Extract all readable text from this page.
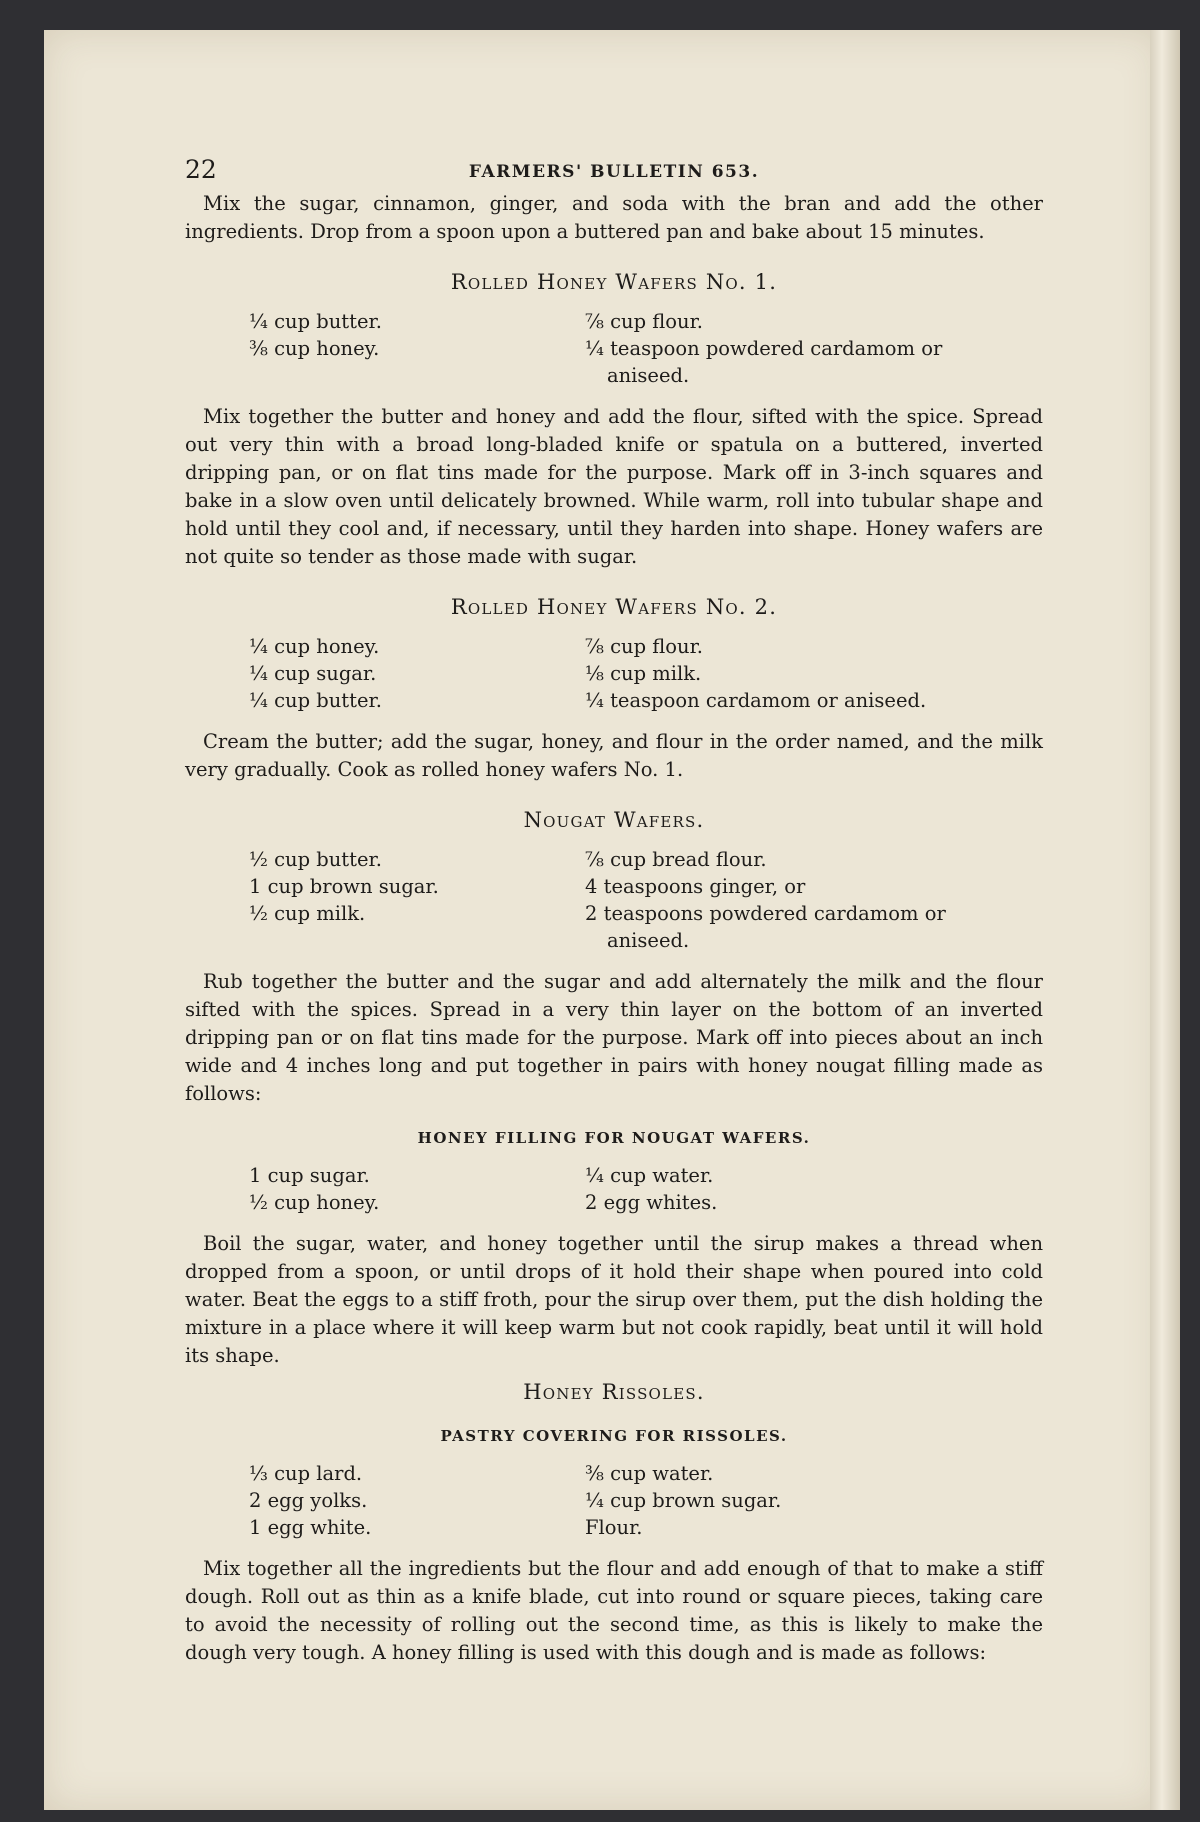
22	FARMERS' BULLETIN 653.

Mix the sugar, cinnamon, ginger, and soda with the bran and add the other ingredients. Drop from a spoon upon a buttered pan and bake about 15 minutes.

Rolled Honey Wafers No. 1.
¼ cup butter.
⅜ cup honey.
⅞ cup flour.
¼ teaspoon powdered cardamom or
aniseed.

Mix together the butter and honey and add the flour, sifted with the spice. Spread out very thin with a broad long-bladed knife or spatula on a buttered, inverted dripping pan, or on flat tins made for the purpose. Mark off in 3-inch squares and bake in a slow oven until delicately browned. While warm, roll into tubular shape and hold until they cool and, if necessary, until they harden into shape. Honey wafers are not quite so tender as those made with sugar.

Rolled Honey Wafers No. 2.
¼ cup honey.
¼ cup sugar.
¼ cup butter.
⅞ cup flour.
⅛ cup milk.
¼ teaspoon cardamom or aniseed.

Cream the butter; add the sugar, honey, and flour in the order named, and the milk very gradually. Cook as rolled honey wafers No. 1.

Nougat Wafers.
½ cup butter.
1 cup brown sugar.
½ cup milk.
⅞ cup bread flour.
4 teaspoons ginger, or
2 teaspoons powdered cardamom or
aniseed.

Rub together the butter and the sugar and add alternately the milk and the flour sifted with the spices. Spread in a very thin layer on the bottom of an inverted dripping pan or on flat tins made for the purpose. Mark off into pieces about an inch wide and 4 inches long and put together in pairs with honey nougat filling made as follows:

HONEY FILLING FOR NOUGAT WAFERS.
1 cup sugar.
½ cup honey.
¼ cup water.
2 egg whites.

Boil the sugar, water, and honey together until the sirup makes a thread when dropped from a spoon, or until drops of it hold their shape when poured into cold water. Beat the eggs to a stiff froth, pour the sirup over them, put the dish holding the mixture in a place where it will keep warm but not cook rapidly, beat until it will hold its shape.

Honey Rissoles.
PASTRY COVERING FOR RISSOLES.
⅓ cup lard.
2 egg yolks.
1 egg white.
⅜ cup water.
¼ cup brown sugar.
Flour.

Mix together all the ingredients but the flour and add enough of that to make a stiff dough. Roll out as thin as a knife blade, cut into round or square pieces, taking care to avoid the necessity of rolling out the second time, as this is likely to make the dough very tough. A honey filling is used with this dough and is made as follows:
